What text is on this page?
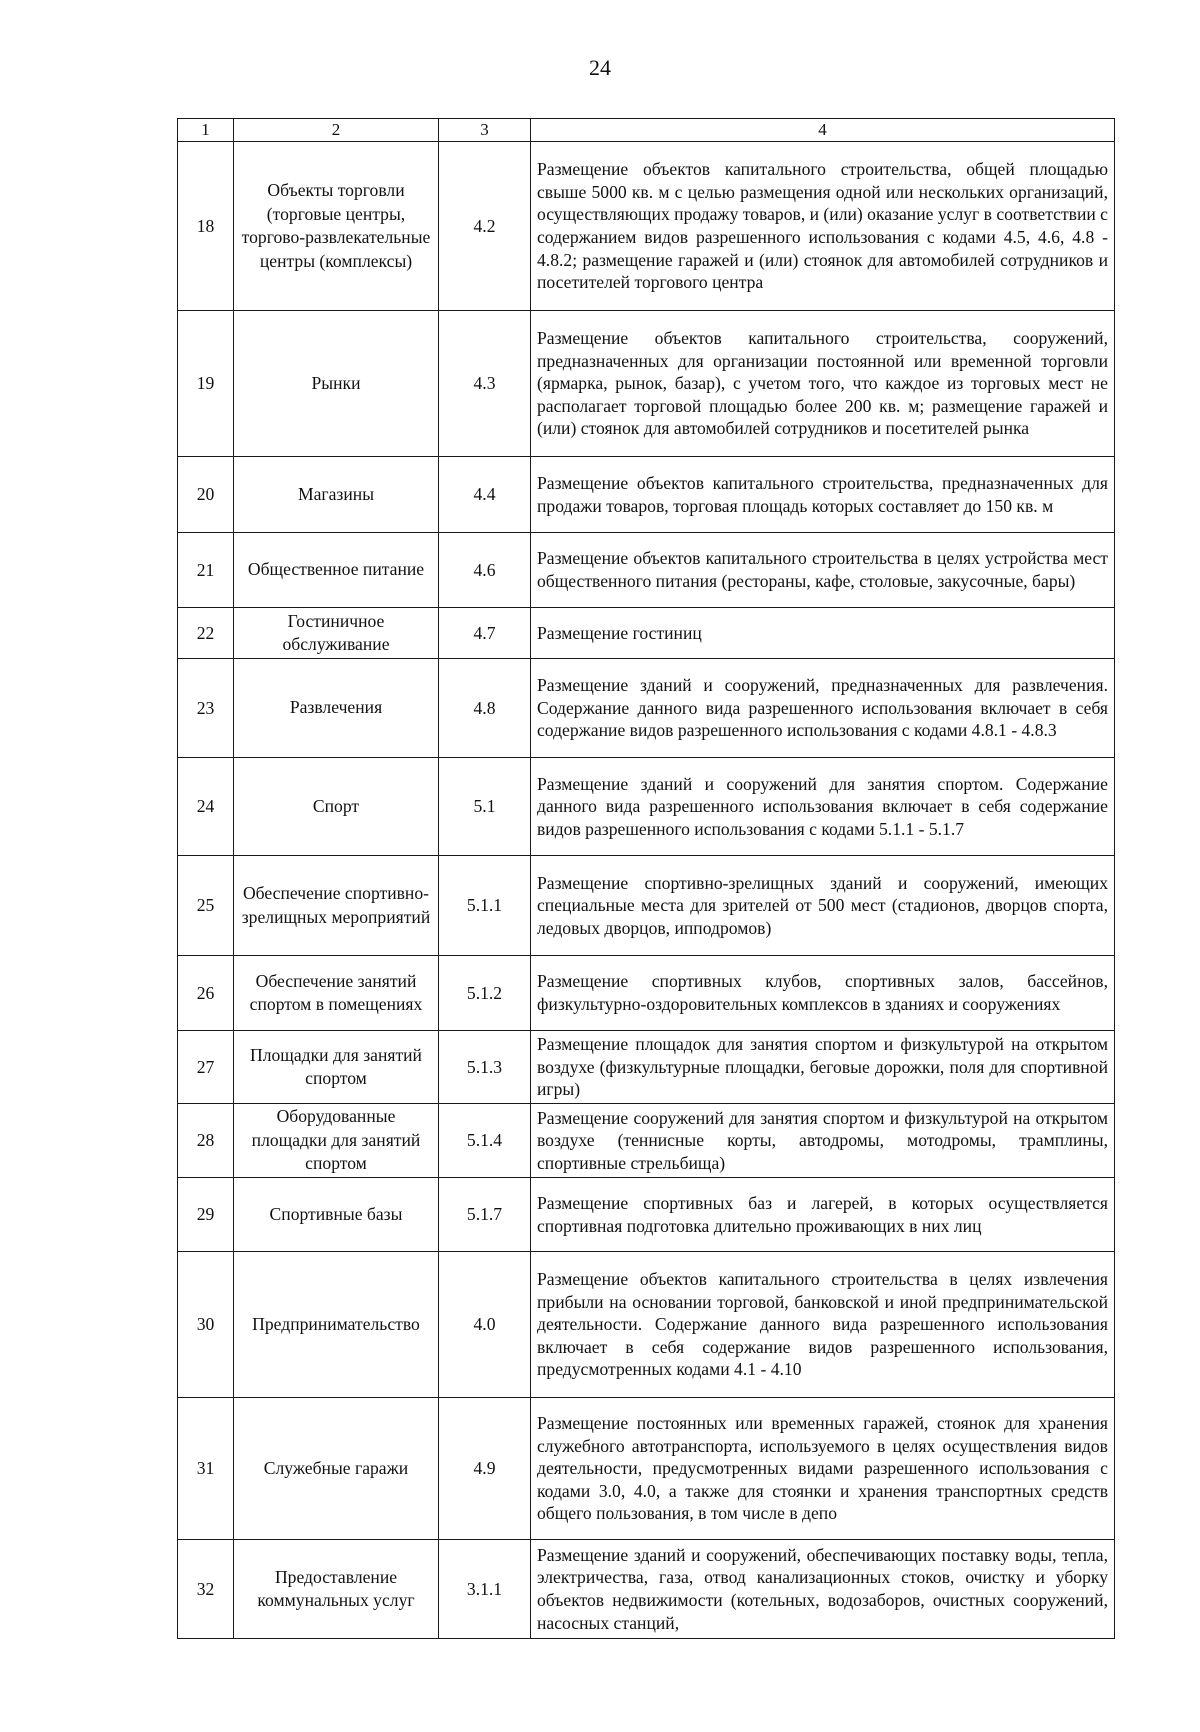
24
1	2	3	4
18	Объекты торговли (торговые центры, торгово-развлекательные центры (комплексы)	4.2	Размещение объектов капитального строительства, общей площадью свыше 5000 кв. м с целью размещения одной или нескольких организаций, осуществляющих продажу товаров, и (или) оказание услуг в соответствии с содержанием видов разрешенного использования с кодами 4.5, 4.6, 4.8 - 4.8.2; размещение гаражей и (или) стоянок для автомобилей сотрудников и посетителей торгового центра
19	Рынки	4.3	Размещение объектов капитального строительства, сооружений, предназначенных для организации постоянной или временной торговли (ярмарка, рынок, базар), с учетом того, что каждое из торговых мест не располагает торговой площадью более 200 кв. м; размещение гаражей и (или) стоянок для автомобилей сотрудников и посетителей рынка
20	Магазины	4.4	Размещение объектов капитального строительства, предназначенных для продажи товаров, торговая площадь которых составляет до 150 кв. м
21	Общественное питание	4.6	Размещение объектов капитального строительства в целях устройства мест общественного питания (рестораны, кафе, столовые, закусочные, бары)
22	Гостиничное обслуживание	4.7	Размещение гостиниц
23	Развлечения	4.8	Размещение зданий и сооружений, предназначенных для развлечения. Содержание данного вида разрешенного использования включает в себя содержание видов разрешенного использования с кодами 4.8.1 - 4.8.3
24	Спорт	5.1	Размещение зданий и сооружений для занятия спортом. Содержание данного вида разрешенного использования включает в себя содержание видов разрешенного использования с кодами 5.1.1 - 5.1.7
25	Обеспечение спортивно-зрелищных мероприятий	5.1.1	Размещение спортивно-зрелищных зданий и сооружений, имеющих специальные места для зрителей от 500 мест (стадионов, дворцов спорта, ледовых дворцов, ипподромов)
26	Обеспечение занятий спортом в помещениях	5.1.2	Размещение спортивных клубов, спортивных залов, бассейнов, физкультурно-оздоровительных комплексов в зданиях и сооружениях
27	Площадки для занятий спортом	5.1.3	Размещение площадок для занятия спортом и физкультурой на открытом воздухе (физкультурные площадки, беговые дорожки, поля для спортивной игры)
28	Оборудованные площадки для занятий спортом	5.1.4	Размещение сооружений для занятия спортом и физкультурой на открытом воздухе (теннисные корты, автодромы, мотодромы, трамплины, спортивные стрельбища)
29	Спортивные базы	5.1.7	Размещение спортивных баз и лагерей, в которых осуществляется спортивная подготовка длительно проживающих в них лиц
30	Предпринимательство	4.0	Размещение объектов капитального строительства в целях извлечения прибыли на основании торговой, банковской и иной предпринимательской деятельности. Содержание данного вида разрешенного использования включает в себя содержание видов разрешенного использования, предусмотренных кодами 4.1 - 4.10
31	Служебные гаражи	4.9	Размещение постоянных или временных гаражей, стоянок для хранения служебного автотранспорта, используемого в целях осуществления видов деятельности, предусмотренных видами разрешенного использования с кодами 3.0, 4.0, а также для стоянки и хранения транспортных средств общего пользования, в том числе в депо
32	Предоставление коммунальных услуг	3.1.1	Размещение зданий и сооружений, обеспечивающих поставку воды, тепла, электричества, газа, отвод канализационных стоков, очистку и уборку объектов недвижимости (котельных, водозаборов, очистных сооружений, насосных станций,
